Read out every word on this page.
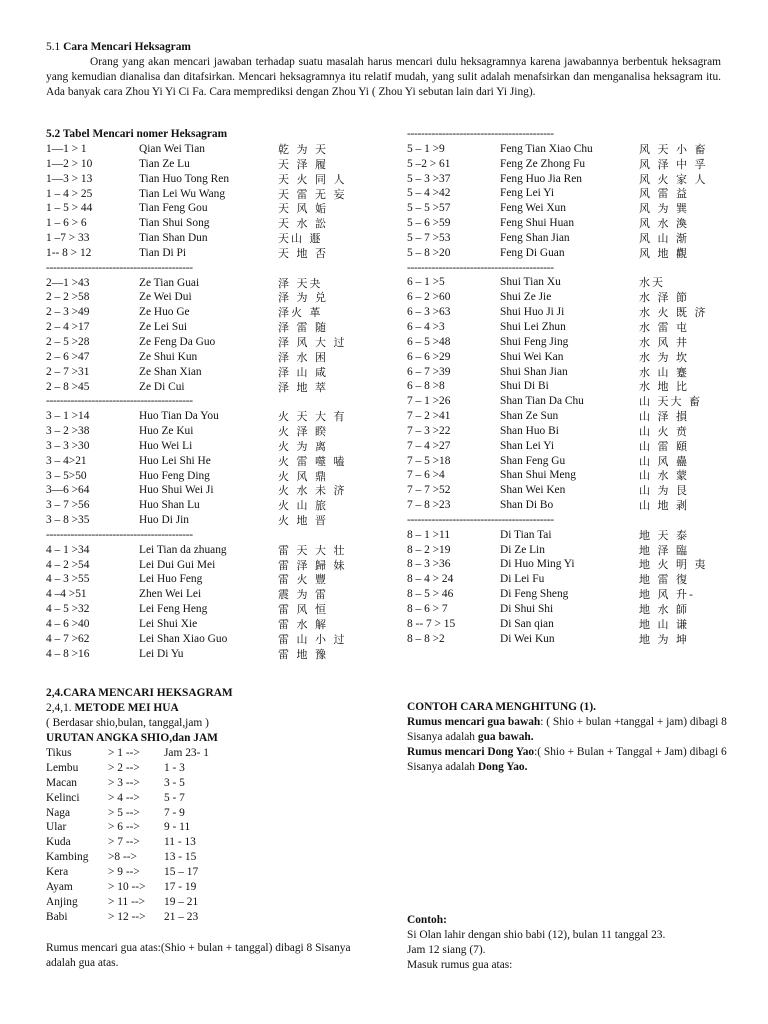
5.1 Cara Mencari Heksagram

Orang yang akan mencari jawaban terhadap suatu masalah harus mencari dulu heksagramnya karena jawabannya berbentuk heksagram yang kemudian dianalisa dan ditafsirkan. Mencari heksagramnya itu relatif mudah, yang sulit adalah menafsirkan dan menganalisa heksagram itu. Ada banyak cara Zhou Yi Yi Ci Fa. Cara memprediksi dengan Zhou Yi ( Zhou Yi sebutan lain dari Yi Jing).

5.2 Tabel Mencari nomer Heksagram

1—1 > 1	Qian Wei Tian	乾 为 天
1—2 > 10	Tian Ze Lu	天 泽 履
1—3 > 13	Tian Huo Tong Ren	天 火 同 人
1 – 4 > 25	Tian Lei Wu Wang	天 雷 无 妄
1 – 5 > 44	Tian Feng Gou	天 风 姤
1 – 6 > 6	Tian Shui Song	天 水 訟
1 –7 > 33	Tian Shan Dun	天山 遯
1-- 8 > 12	Tian Di Pi	天 地 否
------------------------------------------
2—1 >43	Ze Tian Guai	泽 天夬
2 – 2 >58	Ze Wei Dui	泽 为 兑
2 – 3 >49	Ze Huo Ge	泽火 革
2 – 4 >17	Ze Lei Sui	泽 雷 随
2 – 5 >28	Ze Feng Da Guo	泽 风 大 过
2 – 6 >47	Ze Shui Kun	泽 水 困
2 – 7 >31	Ze Shan Xian	泽 山 咸
2 – 8 >45	Ze Di Cui	泽 地 萃
------------------------------------------
3 – 1 >14	Huo Tian Da You	火 天 大 有
3 – 2 >38	Huo Ze Kui	火 泽 睽
3 – 3 >30	Huo Wei Li	火 为 离
3 – 4>21	Huo Lei Shi He	火 雷 噬 嗑
3 – 5>50	Huo Feng Ding	火 风 鼎
3—6 >64	Huo Shui Wei Ji	火 水 未 济
3 – 7 >56	Huo Shan Lu	火 山 旅
3 – 8 >35	Huo Di Jin	火 地 晋
------------------------------------------
4 – 1 >34	Lei Tian da zhuang	雷 天 大 壮
4 – 2 >54	Lei Dui Gui Mei	雷 泽 歸 妹
4 – 3 >55	Lei Huo Feng	雷 火 豐
4 –4 >51	Zhen Wei Lei	震 为 雷
4 – 5 >32	Lei Feng Heng	雷 风 恒
4 – 6 >40	Lei Shui Xie	雷 水 解
4 – 7 >62	Lei Shan Xiao Guo	雷 山 小 过
4 – 8 >16	Lei Di Yu	雷 地 豫
------------------------------------------
5 – 1 >9	Feng Tian Xiao Chu	风 天 小 畜
5 –2 > 61	Feng Ze Zhong Fu	风 泽 中 孚
5 – 3 >37	Feng Huo Jia Ren	风 火 家 人
5 – 4 >42	Feng Lei Yi	风 雷 益
5 – 5 >57	Feng Wei Xun	风 为 巽
5 – 6 >59	Feng Shui Huan	风 水 渙
5 – 7 >53	Feng Shan Jian	风 山 渐
5 – 8 >20	Feng Di Guan	风 地 觀
------------------------------------------
6 – 1 >5	Shui Tian Xu	水天
6 – 2 >60	Shui Ze Jie	水 泽 節
6 – 3 >63	Shui Huo Ji Ji	水 火 既 济
6 – 4 >3	Shui Lei Zhun	水 雷 屯
6 – 5 >48	Shui Feng Jing	水 风 井
6 – 6 >29	Shui Wei Kan	水 为 坎
6 – 7 >39	Shui Shan Jian	水 山 蹇
6 – 8 >8	Shui Di Bi	水 地 比
7 – 1 >26	Shan Tian Da Chu	山 天大 畜
7 – 2 >41	Shan Ze Sun	山 泽 損
7 – 3 >22	Shan Huo Bi	山 火 贲
7 – 4 >27	Shan Lei Yi	山 雷 頤
7 – 5 >18	Shan Feng Gu	山 风 蠱
7 – 6 >4	Shan Shui Meng	山 水 蒙
7 – 7 >52	Shan Wei Ken	山 为 艮
7 – 8 >23	Shan Di Bo	山 地 剥
------------------------------------------
8 – 1 >11	Di Tian Tai	地 天 泰
8 – 2 >19	Di Ze Lin	地 泽 臨
8 – 3 >36	Di Huo Ming Yi	地 火 明 夷
8 – 4 > 24	Di Lei Fu	地 雷 復
8 – 5 > 46	Di Feng Sheng	地 风 升-
8 – 6 > 7	Di Shui Shi	地 水 師
8 -- 7 > 15	Di San qian	地 山 谦
8 – 8 >2	Di Wei Kun	地 为 坤

2,4.CARA MENCARI HEKSAGRAM

2,4,1. METODE MEI HUA

( Berdasar shio,bulan, tanggal,jam )

URUTAN ANGKA SHIO,dan JAM

Tikus	> 1 --> Jam 23- 1
Lembu	> 2 --> 1 - 3
Macan	> 3 --> 3 - 5
Kelinci > 4 --> 5 - 7
Naga	> 5 --> 7 - 9
Ular	> 6 --> 9 - 11
Kuda	> 7 --> 11 - 13
Kambing >8 --> 13 - 15
Kera	> 9 --> 15 – 17
Ayam	> 10 --> 17 - 19
Anjing	> 11 --> 19 – 21
Babi	> 12 --> 21 – 23

Rumus mencari gua atas:(Shio + bulan + tanggal) dibagi 8 Sisanya adalah gua atas.

CONTOH CARA MENGHITUNG (1).

Rumus mencari gua bawah: ( Shio + bulan +tanggal + jam) dibagi 8 Sisanya adalah gua bawah.

Rumus mencari Dong Yao:( Shio + Bulan + Tanggal + Jam) dibagi 6 Sisanya adalah Dong Yao.

Contoh:

Si Olan lahir dengan shio babi (12), bulan 11 tanggal 23.

Jam 12 siang (7).

Masuk rumus gua atas:
